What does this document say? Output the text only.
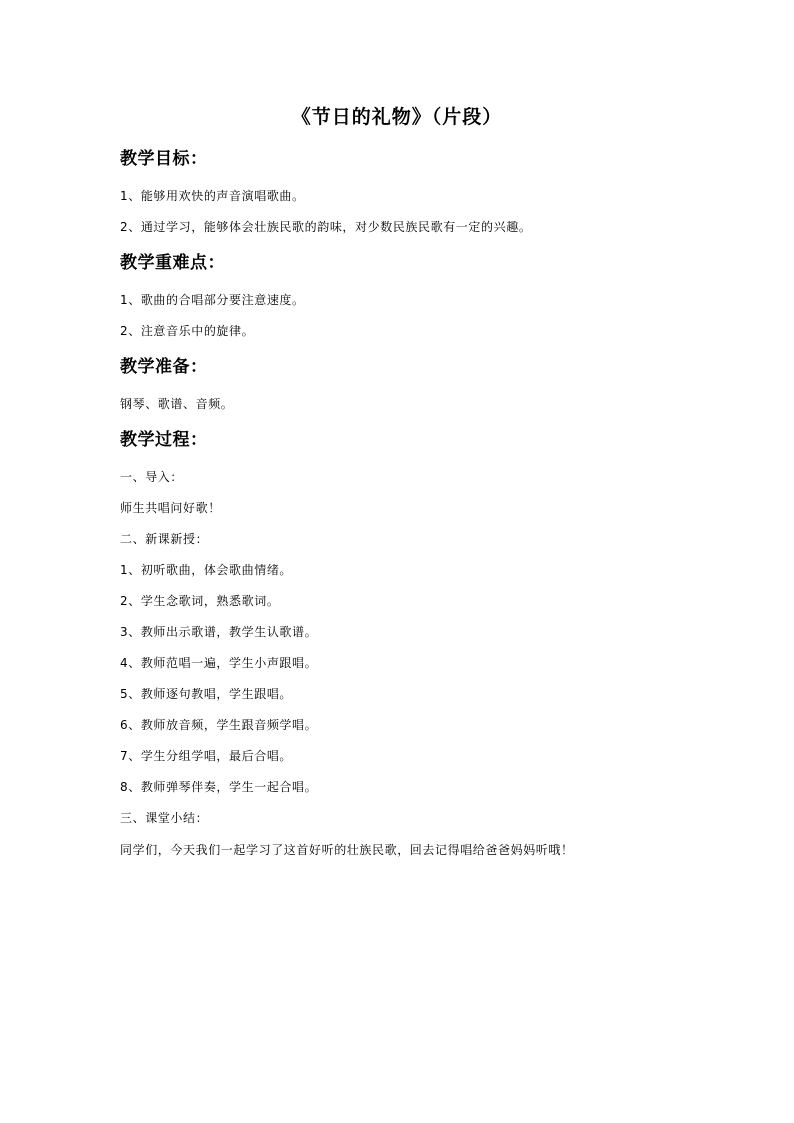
《节日的礼物》（片段）
教学目标：
1、能够用欢快的声音演唱歌曲。
2、通过学习，能够体会壮族民歌的韵味，对少数民族民歌有一定的兴趣。
教学重难点：
1、歌曲的合唱部分要注意速度。
2、注意音乐中的旋律。
教学准备：
钢琴、歌谱、音频。
教学过程：
一、导入：
师生共唱问好歌！
二、新课新授：
1、初听歌曲，体会歌曲情绪。
2、学生念歌词，熟悉歌词。
3、教师出示歌谱，教学生认歌谱。
4、教师范唱一遍，学生小声跟唱。
5、教师逐句教唱，学生跟唱。
6、教师放音频，学生跟音频学唱。
7、学生分组学唱，最后合唱。
8、教师弹琴伴奏，学生一起合唱。
三、课堂小结：
同学们，今天我们一起学习了这首好听的壮族民歌，回去记得唱给爸爸妈妈听哦！
